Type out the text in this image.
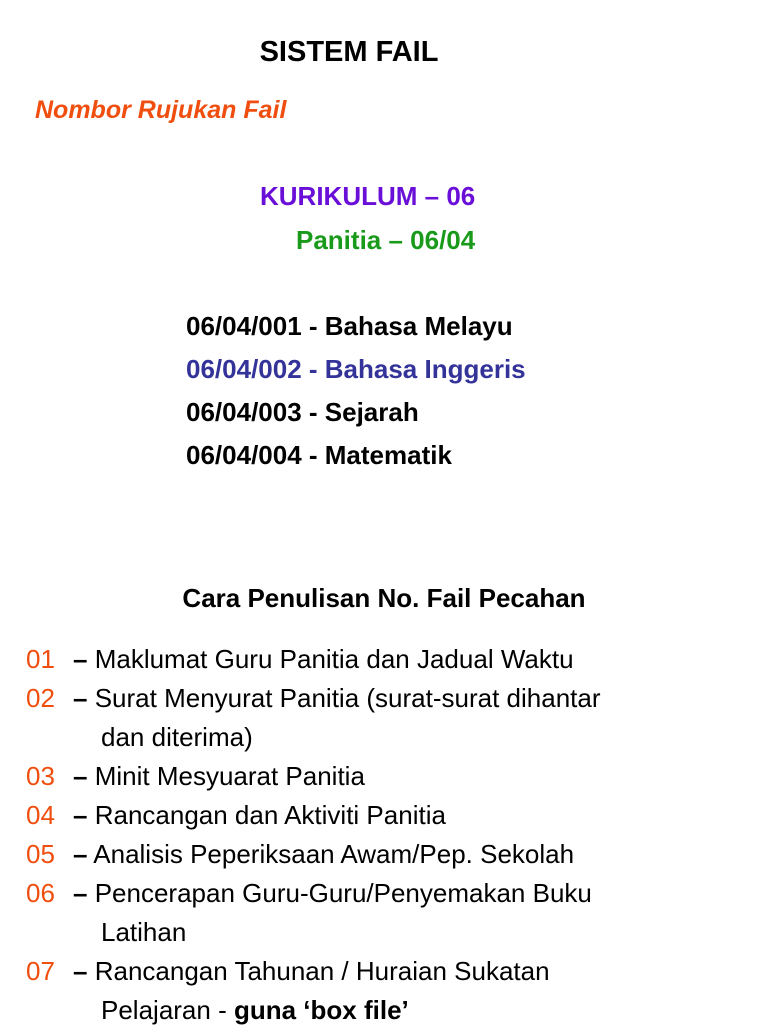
SISTEM FAIL
Nombor Rujukan Fail
KURIKULUM – 06
Panitia – 06/04
06/04/001 - Bahasa Melayu
06/04/002 - Bahasa Inggeris
06/04/003 - Sejarah
06/04/004 - Matematik
Cara Penulisan No. Fail Pecahan
01 – Maklumat Guru Panitia dan Jadual Waktu
02 – Surat Menyurat Panitia (surat-surat dihantar
dan diterima)
03 – Minit Mesyuarat Panitia
04 – Rancangan dan Aktiviti Panitia
05 – Analisis Peperiksaan Awam/Pep. Sekolah
06 – Pencerapan Guru-Guru/Penyemakan Buku
Latihan
07 – Rancangan Tahunan / Huraian Sukatan
Pelajaran - guna ‘box file’
